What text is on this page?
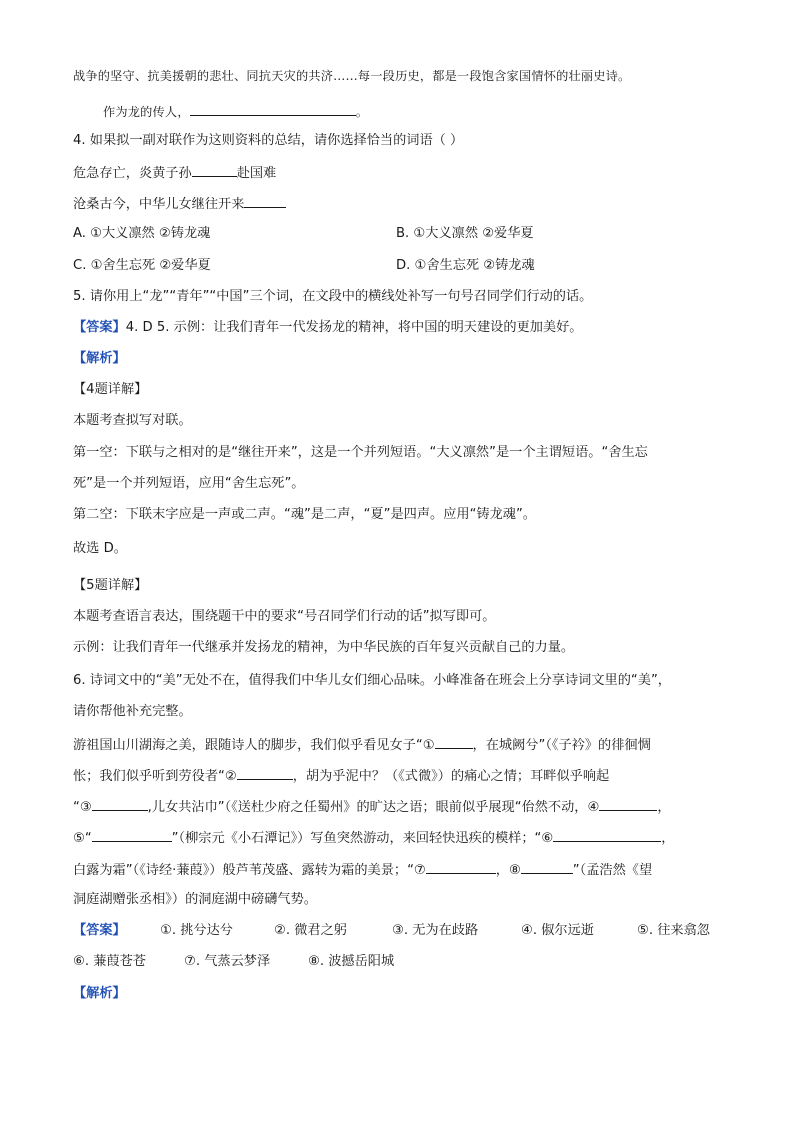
战争的坚守、抗美援朝的悲壮、同抗天灾的共济……每一段历史，都是一段饱含家国情怀的壮丽史诗。
作为龙的传人，	。
4. 如果拟一副对联作为这则资料的总结，请你选择恰当的词语（ ）
危急存亡，炎黄子孙	赴国难
沧桑古今，中华儿女继往开来
A. ①大义凛然 ②铸龙魂	B. ①大义凛然 ②爱华夏
C. ①舍生忘死 ②爱华夏	D. ①舍生忘死 ②铸龙魂
5. 请你用上“龙”“青年”“中国”三个词，在文段中的横线处补写一句号召同学们行动的话。
【答案】4. D 5. 示例：让我们青年一代发扬龙的精神，将中国的明天建设的更加美好。
【解析】
【4题详解】
本题考查拟写对联。
第一空：下联与之相对的是“继往开来”，这是一个并列短语。“大义凛然”是一个主谓短语。“舍生忘
死”是一个并列短语，应用“舍生忘死”。
第二空：下联末字应是一声或二声。“魂”是二声，“夏”是四声。应用“铸龙魂”。
故选 D。
【5题详解】
本题考查语言表达，围绕题干中的要求“号召同学们行动的话”拟写即可。
示例：让我们青年一代继承并发扬龙的精神，为中华民族的百年复兴贡献自己的力量。
6. 诗词文中的“美”无处不在，值得我们中华儿女们细心品味。小峰准备在班会上分享诗词文里的“美”，
请你帮他补充完整。
游祖国山川湖海之美，跟随诗人的脚步，我们似乎看见女子“①	，在城阙兮”（《子衿》的徘徊惆
怅；我们似乎听到劳役者“②	，胡为乎泥中？（《式微》）的痛心之情；耳畔似乎响起
“③	,儿女共沾巾”（《送杜少府之任蜀州》的旷达之语；眼前似乎展现“佁然不动，④	，
⑤“	”（柳宗元《小石潭记》）写鱼突然游动，来回轻快迅疾的模样；“⑥	，
白露为霜”（《诗经·蒹葭》）般芦苇茂盛、露转为霜的美景；“⑦	，⑧	”（孟浩然《望
洞庭湖赠张丞相》）的洞庭湖中磅礴气势。
【答案】	①. 挑兮达兮	②. 微君之躬	③. 无为在歧路	④. 俶尔远逝	⑤. 往来翕忽
⑥. 蒹葭苍苍	⑦. 气蒸云梦泽	⑧. 波撼岳阳城
【解析】
